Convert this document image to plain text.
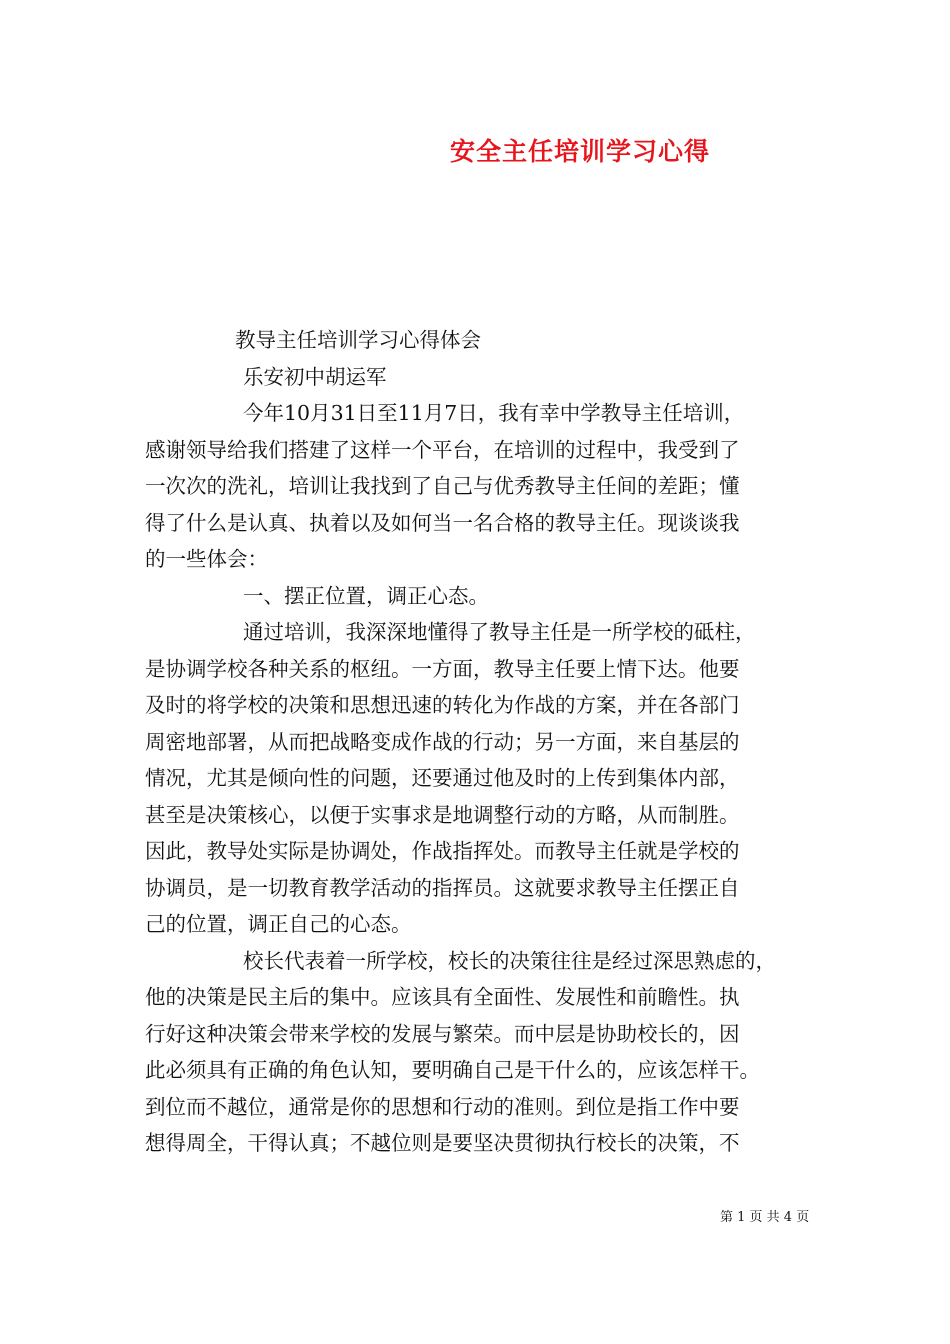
安全主任培训学习心得
教导主任培训学习心得体会
乐安初中胡运军
今年10月31日至11月7日，我有幸中学教导主任培训，
感谢领导给我们搭建了这样一个平台，在培训的过程中，我受到了
一次次的洗礼，培训让我找到了自己与优秀教导主任间的差距；懂
得了什么是认真、执着以及如何当一名合格的教导主任。现谈谈我
的一些体会：
一、摆正位置，调正心态。
通过培训，我深深地懂得了教导主任是一所学校的砥柱，
是协调学校各种关系的枢纽。一方面，教导主任要上情下达。他要
及时的将学校的决策和思想迅速的转化为作战的方案，并在各部门
周密地部署，从而把战略变成作战的行动；另一方面，来自基层的
情况，尤其是倾向性的问题，还要通过他及时的上传到集体内部，
甚至是决策核心，以便于实事求是地调整行动的方略，从而制胜。
因此，教导处实际是协调处，作战指挥处。而教导主任就是学校的
协调员，是一切教育教学活动的指挥员。这就要求教导主任摆正自
己的位置，调正自己的心态。
校长代表着一所学校，校长的决策往往是经过深思熟虑的，
他的决策是民主后的集中。应该具有全面性、发展性和前瞻性。执
行好这种决策会带来学校的发展与繁荣。而中层是协助校长的，因
此必须具有正确的角色认知，要明确自己是干什么的，应该怎样干。
到位而不越位，通常是你的思想和行动的准则。到位是指工作中要
想得周全，干得认真；不越位则是要坚决贯彻执行校长的决策，不
第 1 页 共 4 页
